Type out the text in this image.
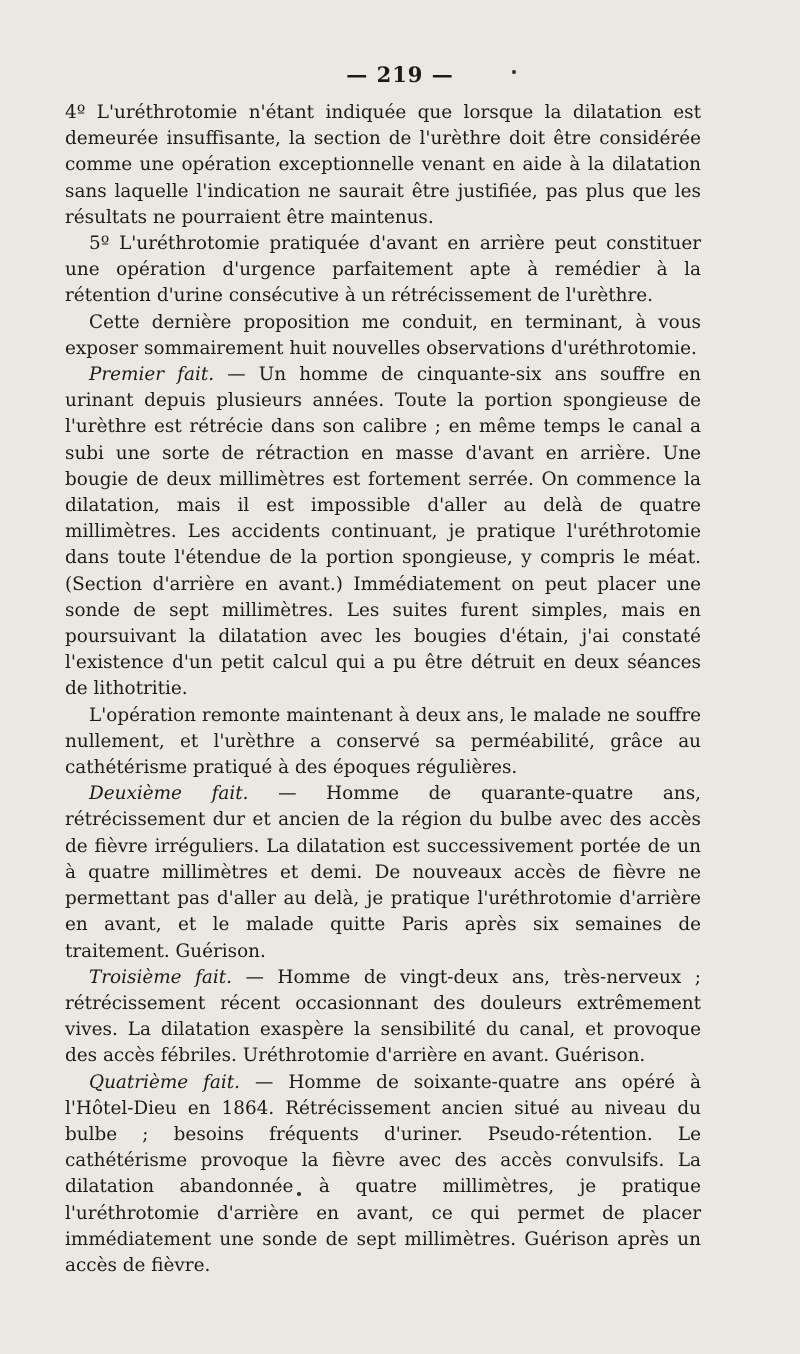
— 219 —

4º L'uréthrotomie n'étant indiquée que lorsque la dilatation est demeurée insuffisante, la section de l'urèthre doit être considérée comme une opération exceptionnelle venant en aide à la dilatation sans laquelle l'indication ne saurait être justifiée, pas plus que les résultats ne pourraient être maintenus.

5º L'uréthrotomie pratiquée d'avant en arrière peut constituer une opération d'urgence parfaitement apte à remédier à la rétention d'urine consécutive à un rétrécissement de l'urèthre.

Cette dernière proposition me conduit, en terminant, à vous exposer sommairement huit nouvelles observations d'uréthrotomie.

Premier fait. — Un homme de cinquante-six ans souffre en urinant depuis plusieurs années. Toute la portion spongieuse de l'urèthre est rétrécie dans son calibre ; en même temps le canal a subi une sorte de rétraction en masse d'avant en arrière. Une bougie de deux millimètres est fortement serrée. On commence la dilatation, mais il est impossible d'aller au delà de quatre millimètres. Les accidents continuant, je pratique l'uréthrotomie dans toute l'étendue de la portion spongieuse, y compris le méat. (Section d'arrière en avant.) Immédiatement on peut placer une sonde de sept millimètres. Les suites furent simples, mais en poursuivant la dilatation avec les bougies d'étain, j'ai constaté l'existence d'un petit calcul qui a pu être détruit en deux séances de lithotritie.

L'opération remonte maintenant à deux ans, le malade ne souffre nullement, et l'urèthre a conservé sa perméabilité, grâce au cathétérisme pratiqué à des époques régulières.

Deuxième fait. — Homme de quarante-quatre ans, rétrécissement dur et ancien de la région du bulbe avec des accès de fièvre irréguliers. La dilatation est successivement portée de un à quatre millimètres et demi. De nouveaux accès de fièvre ne permettant pas d'aller au delà, je pratique l'uréthrotomie d'arrière en avant, et le malade quitte Paris après six semaines de traitement. Guérison.

Troisième fait. — Homme de vingt-deux ans, très-nerveux ; rétrécissement récent occasionnant des douleurs extrêmement vives. La dilatation exaspère la sensibilité du canal, et provoque des accès fébriles. Uréthrotomie d'arrière en avant. Guérison.

Quatrième fait. — Homme de soixante-quatre ans opéré à l'Hôtel-Dieu en 1864. Rétrécissement ancien situé au niveau du bulbe ; besoins fréquents d'uriner. Pseudo-rétention. Le cathétérisme provoque la fièvre avec des accès convulsifs. La dilatation abandonnée à quatre millimètres, je pratique l'uréthrotomie d'arrière en avant, ce qui permet de placer immédiatement une sonde de sept millimètres. Guérison après un accès de fièvre.
